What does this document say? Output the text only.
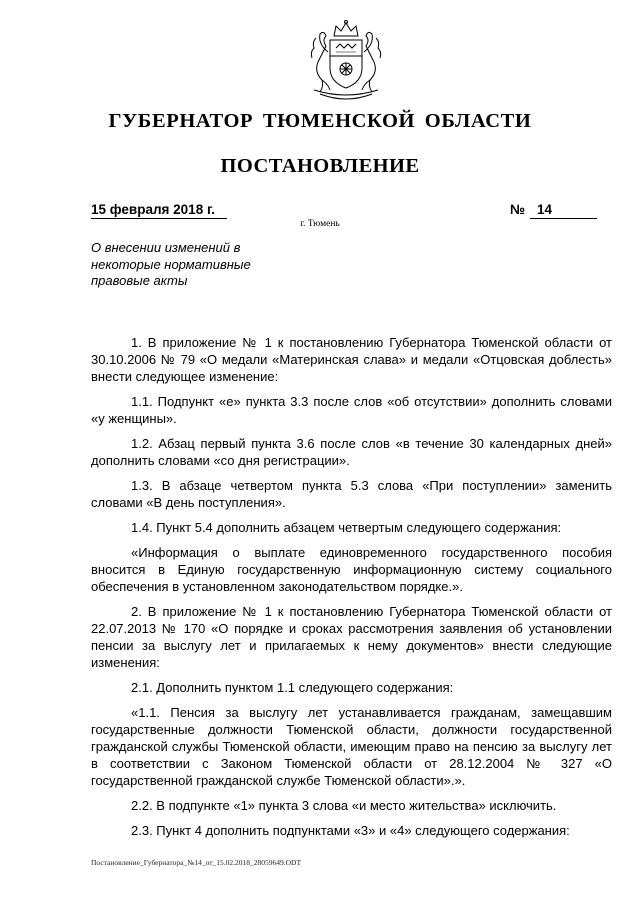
ГУБЕРНАТОР ТЮМЕНСКОЙ ОБЛАСТИ
ПОСТАНОВЛЕНИЕ
15 февраля 2018 г.	№ 14
г. Тюмень
О внесении изменений в
некоторые нормативные
правовые акты

1. В приложение № 1 к постановлению Губернатора Тюменской области от 30.10.2006 № 79 «О медали «Материнская слава» и медали «Отцовская доблесть» внести следующее изменение:

1.1. Подпункт «е» пункта 3.3 после слов «об отсутствии» дополнить словами «у женщины».

1.2. Абзац первый пункта 3.6 после слов «в течение 30 календарных дней» дополнить словами «со дня регистрации».

1.3. В абзаце четвертом пункта 5.3 слова «При поступлении» заменить словами «В день поступления».

1.4. Пункт 5.4 дополнить абзацем четвертым следующего содержания:

«Информация о выплате единовременного государственного пособия вносится в Единую государственную информационную систему социального обеспечения в установленном законодательством порядке.».

2. В приложение № 1 к постановлению Губернатора Тюменской области от 22.07.2013 № 170 «О порядке и сроках рассмотрения заявления об установлении пенсии за выслугу лет и прилагаемых к нему документов» внести следующие изменения:

2.1. Дополнить пунктом 1.1 следующего содержания:

«1.1. Пенсия за выслугу лет устанавливается гражданам, замещавшим государственные должности Тюменской области, должности государственной гражданской службы Тюменской области, имеющим право на пенсию за выслугу лет в соответствии с Законом Тюменской области от 28.12.2004 № 327 «О государственной гражданской службе Тюменской области».».

2.2. В подпункте «1» пункта 3 слова «и место жительства» исключить.

2.3. Пункт 4 дополнить подпунктами «3» и «4» следующего содержания:

Постановление_Губернатора_№14_от_15.02.2018_28059649.ODT
